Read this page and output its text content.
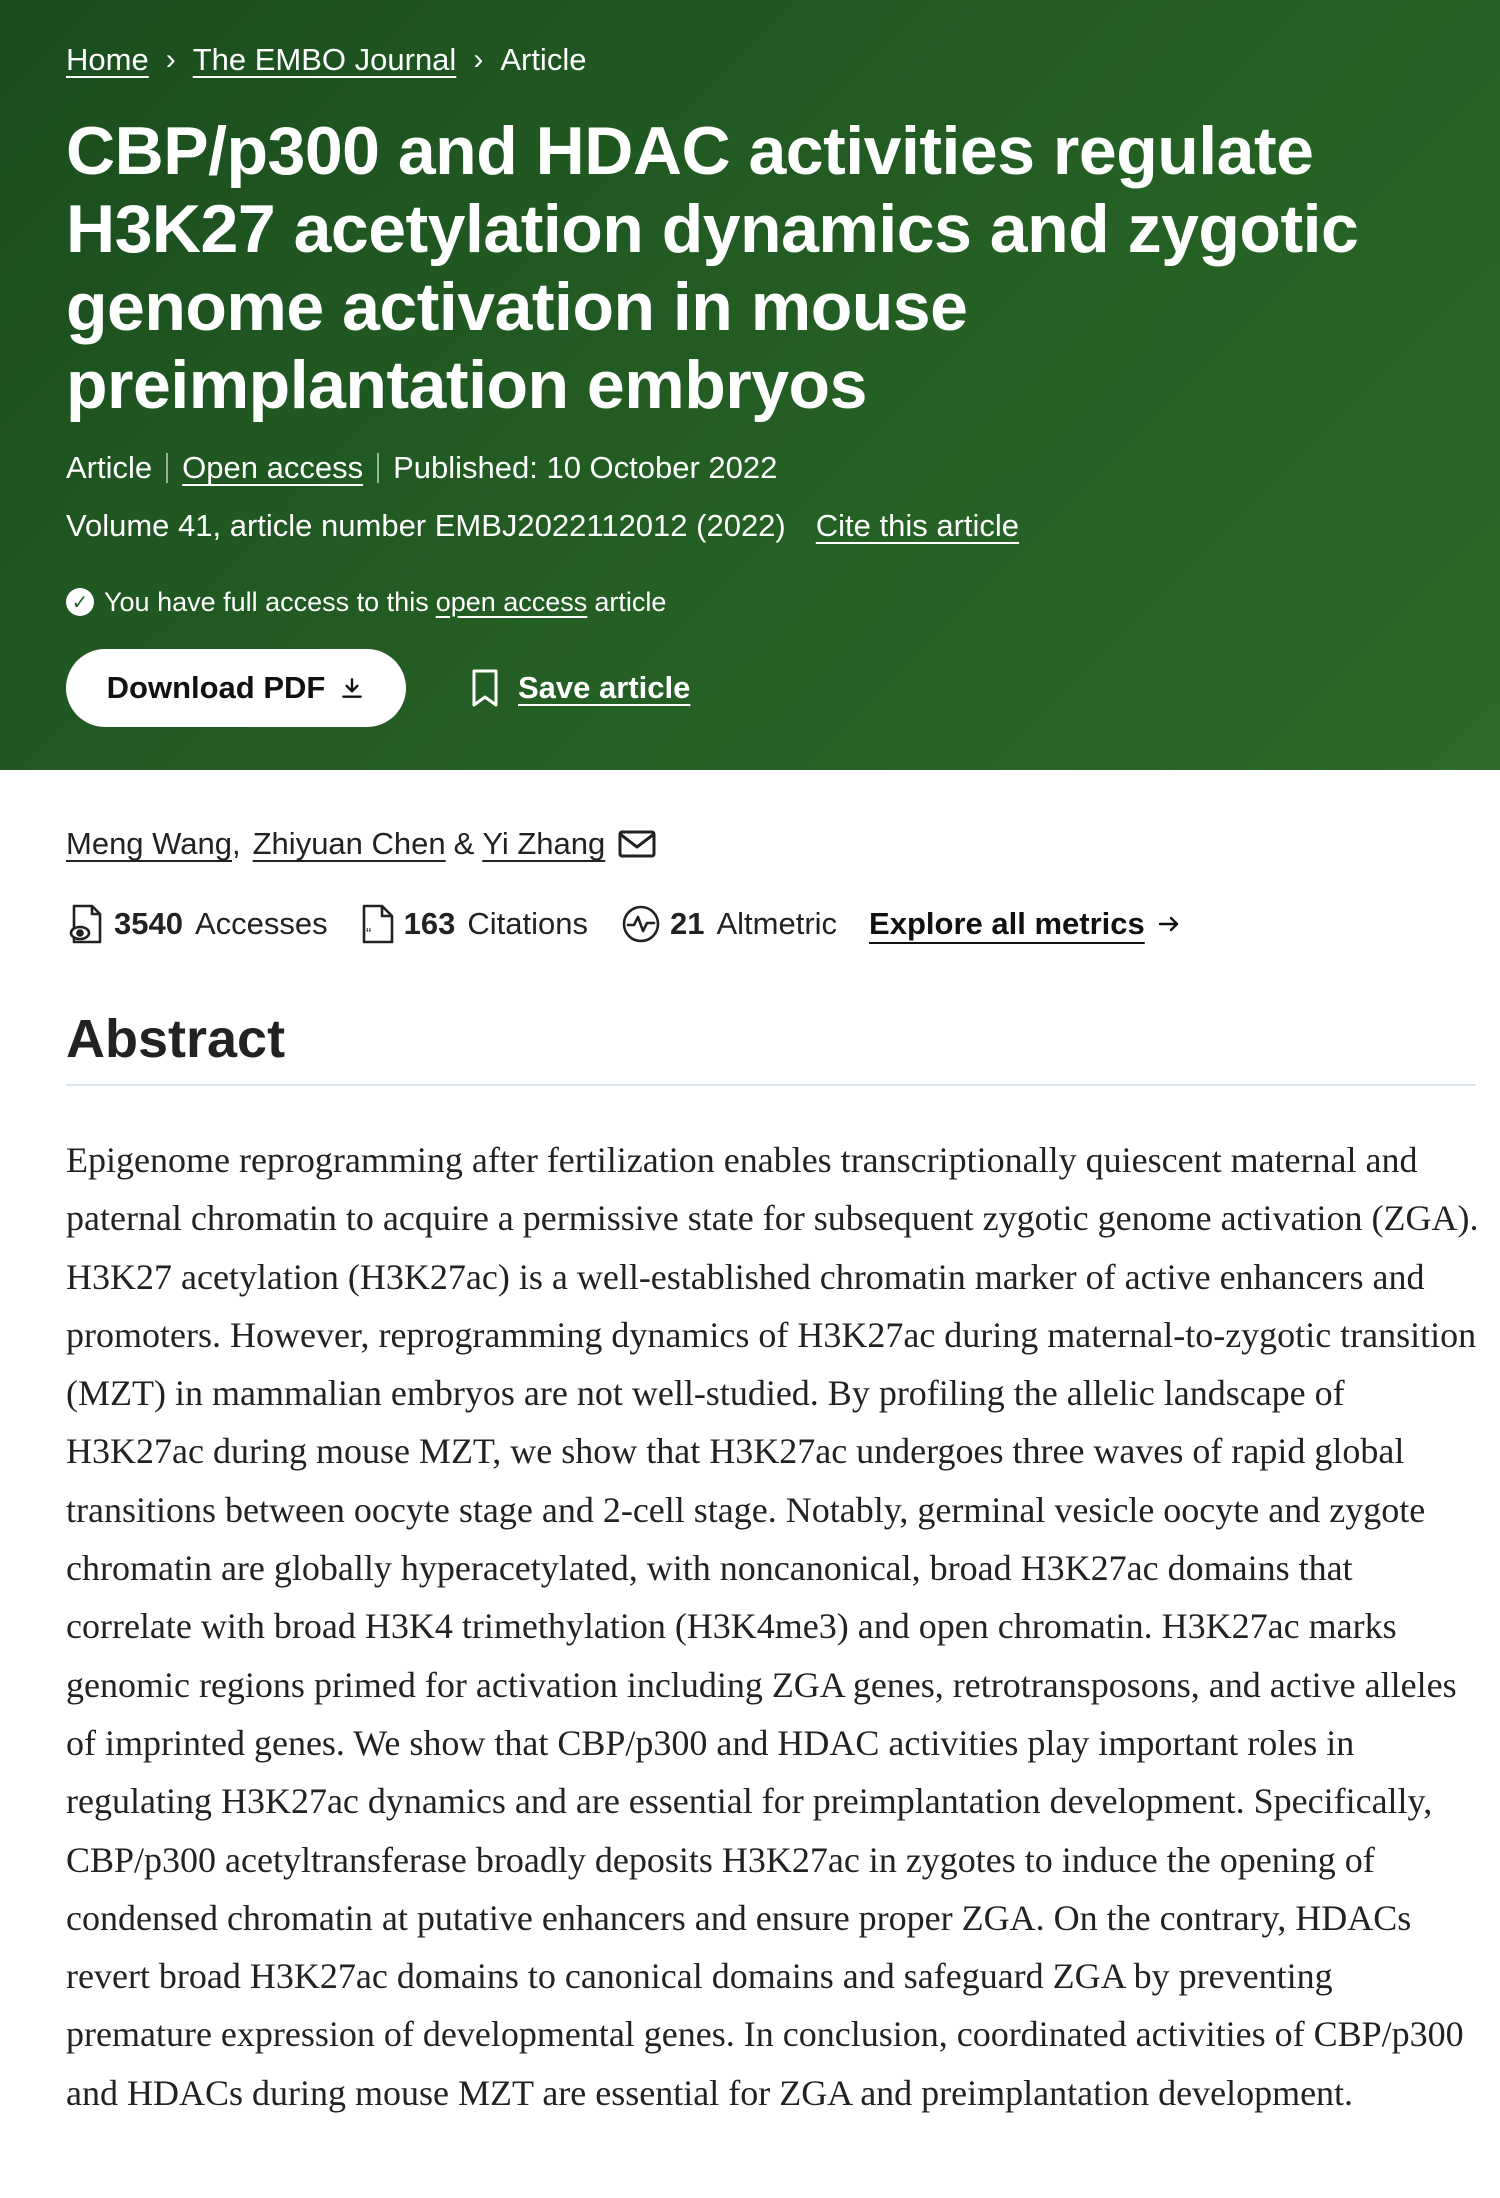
Home › The EMBO Journal › Article
CBP/p300 and HDAC activities regulate H3K27 acetylation dynamics and zygotic genome activation in mouse preimplantation embryos
Article Open access Published: 10 October 2022
Volume 41, article number EMBJ2022112012 (2022) Cite this article
✓ You have full access to this open access article
Download PDF	Save article
Meng Wang , Zhiyuan Chen & Yi Zhang
3540 Accesses “ 163 Citations	21 Altmetric Explore all metrics
Abstract

Epigenome reprogramming after fertilization enables transcriptionally quiescent maternal and paternal chromatin to acquire a permissive state for subsequent zygotic genome activation (ZGA). H3K27 acetylation (H3K27ac) is a well-established chromatin marker of active enhancers and promoters. However, reprogramming dynamics of H3K27ac during maternal-to-zygotic transition (MZT) in mammalian embryos are not well-studied. By profiling the allelic landscape of H3K27ac during mouse MZT, we show that H3K27ac undergoes three waves of rapid global transitions between oocyte stage and 2-cell stage. Notably, germinal vesicle oocyte and zygote chromatin are globally hyperacetylated, with noncanonical, broad H3K27ac domains that correlate with broad H3K4 trimethylation (H3K4me3) and open chromatin. H3K27ac marks genomic regions primed for activation including ZGA genes, retrotransposons, and active alleles of imprinted genes. We show that CBP/p300 and HDAC activities play important roles in regulating H3K27ac dynamics and are essential for preimplantation development. Specifically, CBP/p300 acetyltransferase broadly deposits H3K27ac in zygotes to induce the opening of condensed chromatin at putative enhancers and ensure proper ZGA. On the contrary, HDACs revert broad H3K27ac domains to canonical domains and safeguard ZGA by preventing premature expression of developmental genes. In conclusion, coordinated activities of CBP/p300 and HDACs during mouse MZT are essential for ZGA and preimplantation development.
